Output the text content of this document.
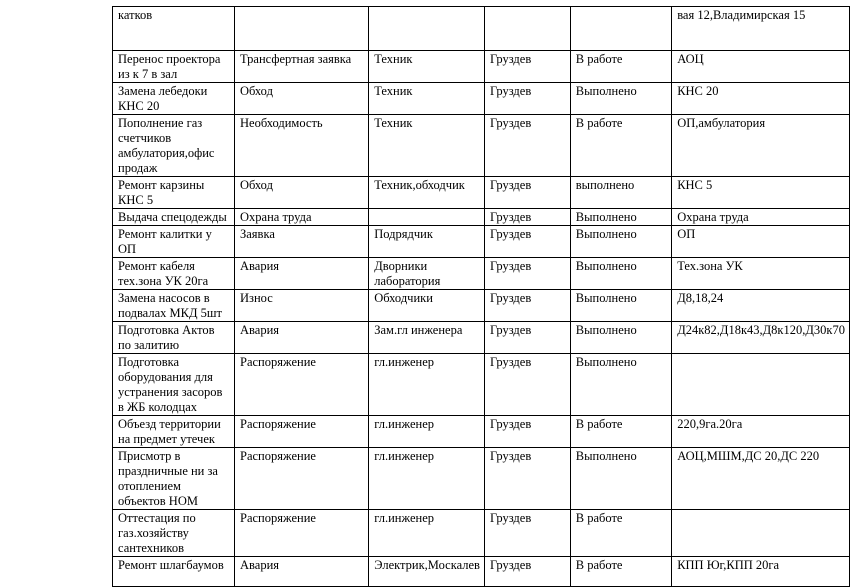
катков					вая 12,Владимирская 15
Перенос проектора из к 7 в зал	Трансфертная заявка	Техник	Груздев	В работе	АОЦ
Замена лебедоки КНС 20	Обход	Техник	Груздев	Выполнено	КНС 20
Пополнение газ счетчиков амбулатория,офис продаж	Необходимость	Техник	Груздев	В работе	ОП,амбулатория
Ремонт карзины КНС 5	Обход	Техник,обходчик	Груздев	выполнено	КНС 5
Выдача спецодежды	Охрана труда		Груздев	Выполнено	Охрана труда
Ремонт калитки у ОП	Заявка	Подрядчик	Груздев	Выполнено	ОП
Ремонт кабеля тех.зона УК 20га	Авария	Дворники лаборатория	Груздев	Выполнено	Тех.зона УК
Замена насосов в подвалах МКД 5шт	Износ	Обходчики	Груздев	Выполнено	Д8,18,24
Подготовка Актов по залитию	Авария	Зам.гл инженера	Груздев	Выполнено	Д24к82,Д18к43,Д8к120,Д30к70
Подготовка оборудования для устранения засоров в ЖБ колодцах	Распоряжение	гл.инженер	Груздев	Выполнено	
Объезд территории на предмет утечек	Распоряжение	гл.инженер	Груздев	В работе	220,9га.20га
Присмотр в праздничные ни за отоплением объектов НОМ	Распоряжение	гл.инженер	Груздев	Выполнено	АОЦ,МШМ,ДС 20,ДС 220
Оттестация по газ.хозяйству сантехников	Распоряжение	гл.инженер	Груздев	В работе	
Ремонт шлагбаумов	Авария	Электрик,Москалев	Груздев	В работе	КПП Юг,КПП 20га
